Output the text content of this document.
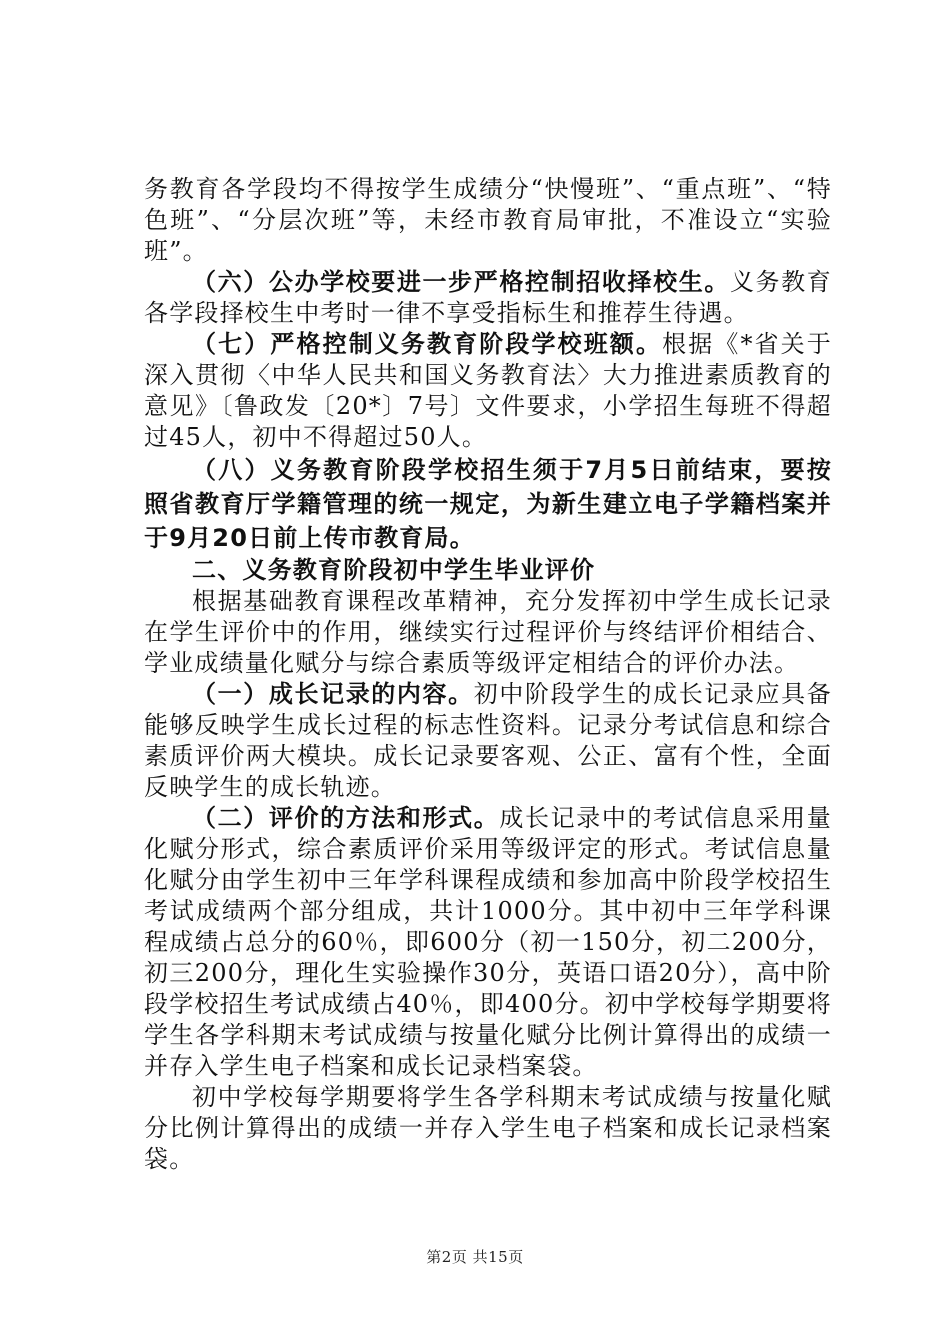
务教育各学段均不得按学生成绩分“快慢班”、“重点班”、“特色班”、“分层次班”等，未经市教育局审批，不准设立“实验班”。

（六）公办学校要进一步严格控制招收择校生。义务教育各学段择校生中考时一律不享受指标生和推荐生待遇。

（七）严格控制义务教育阶段学校班额。根据《*省关于深入贯彻〈中华人民共和国义务教育法〉大力推进素质教育的意见》〔鲁政发〔20*〕7号〕文件要求，小学招生每班不得超过45人，初中不得超过50人。

（八）义务教育阶段学校招生须于7月5日前结束，要按照省教育厅学籍管理的统一规定，为新生建立电子学籍档案并于9月20日前上传市教育局。

二、义务教育阶段初中学生毕业评价

根据基础教育课程改革精神，充分发挥初中学生成长记录在学生评价中的作用，继续实行过程评价与终结评价相结合、学业成绩量化赋分与综合素质等级评定相结合的评价办法。

（一）成长记录的内容。初中阶段学生的成长记录应具备能够反映学生成长过程的标志性资料。记录分考试信息和综合素质评价两大模块。成长记录要客观、公正、富有个性，全面反映学生的成长轨迹。

（二）评价的方法和形式。成长记录中的考试信息采用量化赋分形式，综合素质评价采用等级评定的形式。考试信息量化赋分由学生初中三年学科课程成绩和参加高中阶段学校招生考试成绩两个部分组成，共计1000分。其中初中三年学科课程成绩占总分的60％，即600分（初一150分，初二200分，初三200分，理化生实验操作30分，英语口语20分），高中阶段学校招生考试成绩占40％，即400分。初中学校每学期要将学生各学科期末考试成绩与按量化赋分比例计算得出的成绩一并存入学生电子档案和成长记录档案袋。

初中学校每学期要将学生各学科期末考试成绩与按量化赋分比例计算得出的成绩一并存入学生电子档案和成长记录档案袋。

第2页 共15页
